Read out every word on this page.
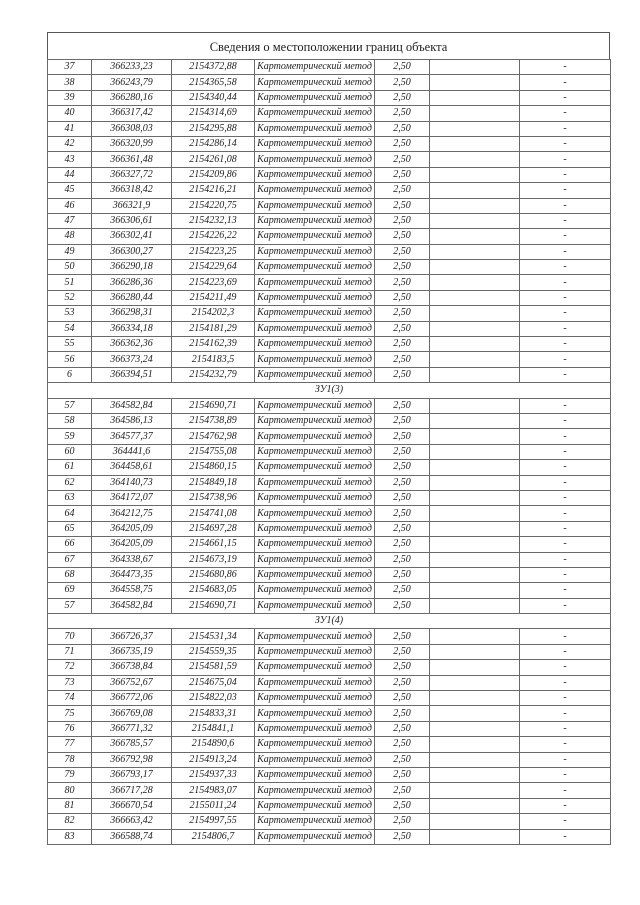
Сведения о местоположении границ объекта
37	366233,23	2154372,88	Картометрический метод	2,50		-
38	366243,79	2154365,58	Картометрический метод	2,50		-
39	366280,16	2154340,44	Картометрический метод	2,50		-
40	366317,42	2154314,69	Картометрический метод	2,50		-
41	366308,03	2154295,88	Картометрический метод	2,50		-
42	366320,99	2154286,14	Картометрический метод	2,50		-
43	366361,48	2154261,08	Картометрический метод	2,50		-
44	366327,72	2154209,86	Картометрический метод	2,50		-
45	366318,42	2154216,21	Картометрический метод	2,50		-
46	366321,9	2154220,75	Картометрический метод	2,50		-
47	366306,61	2154232,13	Картометрический метод	2,50		-
48	366302,41	2154226,22	Картометрический метод	2,50		-
49	366300,27	2154223,25	Картометрический метод	2,50		-
50	366290,18	2154229,64	Картометрический метод	2,50		-
51	366286,36	2154223,69	Картометрический метод	2,50		-
52	366280,44	2154211,49	Картометрический метод	2,50		-
53	366298,31	2154202,3	Картометрический метод	2,50		-
54	366334,18	2154181,29	Картометрический метод	2,50		-
55	366362,36	2154162,39	Картометрический метод	2,50		-
56	366373,24	2154183,5	Картометрический метод	2,50		-
6	366394,51	2154232,79	Картометрический метод	2,50		-
ЗУ1(3)						
57	364582,84	2154690,71	Картометрический метод	2,50		-
58	364586,13	2154738,89	Картометрический метод	2,50		-
59	364577,37	2154762,98	Картометрический метод	2,50		-
60	364441,6	2154755,08	Картометрический метод	2,50		-
61	364458,61	2154860,15	Картометрический метод	2,50		-
62	364140,73	2154849,18	Картометрический метод	2,50		-
63	364172,07	2154738,96	Картометрический метод	2,50		-
64	364212,75	2154741,08	Картометрический метод	2,50		-
65	364205,09	2154697,28	Картометрический метод	2,50		-
66	364205,09	2154661,15	Картометрический метод	2,50		-
67	364338,67	2154673,19	Картометрический метод	2,50		-
68	364473,35	2154680,86	Картометрический метод	2,50		-
69	364558,75	2154683,05	Картометрический метод	2,50		-
57	364582,84	2154690,71	Картометрический метод	2,50		-
ЗУ1(4)						
70	366726,37	2154531,34	Картометрический метод	2,50		-
71	366735,19	2154559,35	Картометрический метод	2,50		-
72	366738,84	2154581,59	Картометрический метод	2,50		-
73	366752,67	2154675,04	Картометрический метод	2,50		-
74	366772,06	2154822,03	Картометрический метод	2,50		-
75	366769,08	2154833,31	Картометрический метод	2,50		-
76	366771,32	2154841,1	Картометрический метод	2,50		-
77	366785,57	2154890,6	Картометрический метод	2,50		-
78	366792,98	2154913,24	Картометрический метод	2,50		-
79	366793,17	2154937,33	Картометрический метод	2,50		-
80	366717,28	2154983,07	Картометрический метод	2,50		-
81	366670,54	2155011,24	Картометрический метод	2,50		-
82	366663,42	2154997,55	Картометрический метод	2,50		-
83	366588,74	2154806,7	Картометрический метод	2,50		-
